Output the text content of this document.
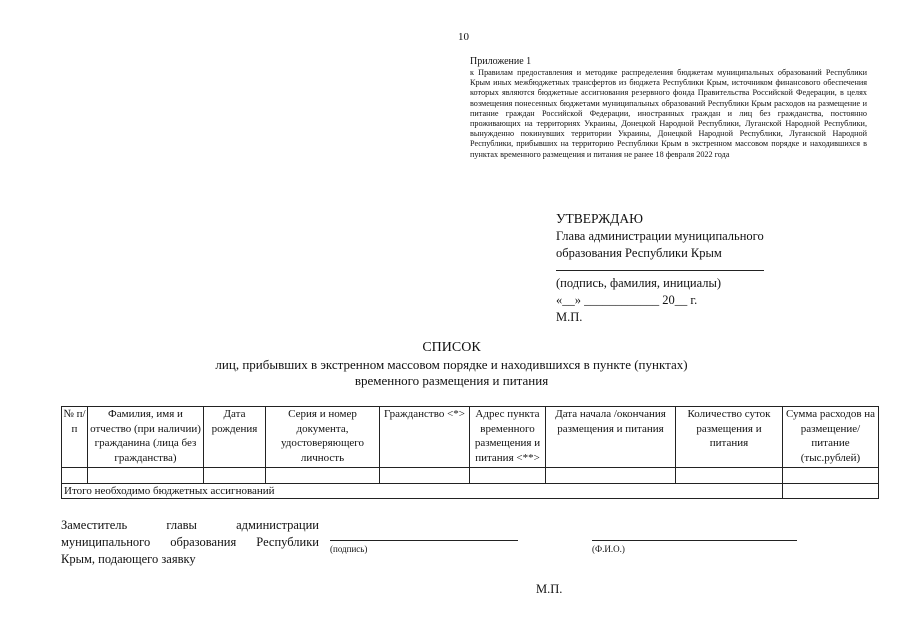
10
Приложение 1
к Правилам предоставления и методике распределения бюджетам муниципальных образований Республики Крым иных межбюджетных трансфертов из бюджета Республики Крым, источником финансового обеспечения которых являются бюджетные ассигнования резервного фонда Правительства Российской Федерации, в целях возмещения понесенных бюджетами муниципальных образований Республики Крым расходов на размещение и питание граждан Российской Федерации, иностранных граждан и лиц без гражданства, постоянно проживающих на территориях Украины, Донецкой Народной Республики, Луганской Народной Республики, вынужденно покинувших территории Украины, Донецкой Народной Республики, Луганской Народной Республики, прибывших на территорию Республики Крым в экстренном массовом порядке и находившихся в пунктах временного размещения и питания не ранее 18 февраля 2022 года
УТВЕРЖДАЮ
Глава администрации муниципального
образования Республики Крым
(подпись, фамилия, инициалы)
«__» ____________ 20__ г.
М.П.
СПИСОК
лиц, прибывших в экстренном массовом порядке и находившихся в пункте (пунктах)
временного размещения и питания
№ п/п	Фамилия, имя и отчество (при наличии) гражданина (лица без гражданства)	Дата рождения	Серия и номер документа, удостоверяющего личность	Гражданство <*>	Адрес пункта временного размещения и питания <**>	Дата начала /окончания размещения и питания	Количество суток размещения и питания	Сумма расходов на размещение/ питание (тыс.рублей)

Итого необходимо бюджетных ассигнований								
Заместитель главы администрации
муниципального образования Республики
Крым, подающего заявку
(подпись)	(Ф.И.О.)
М.П.
